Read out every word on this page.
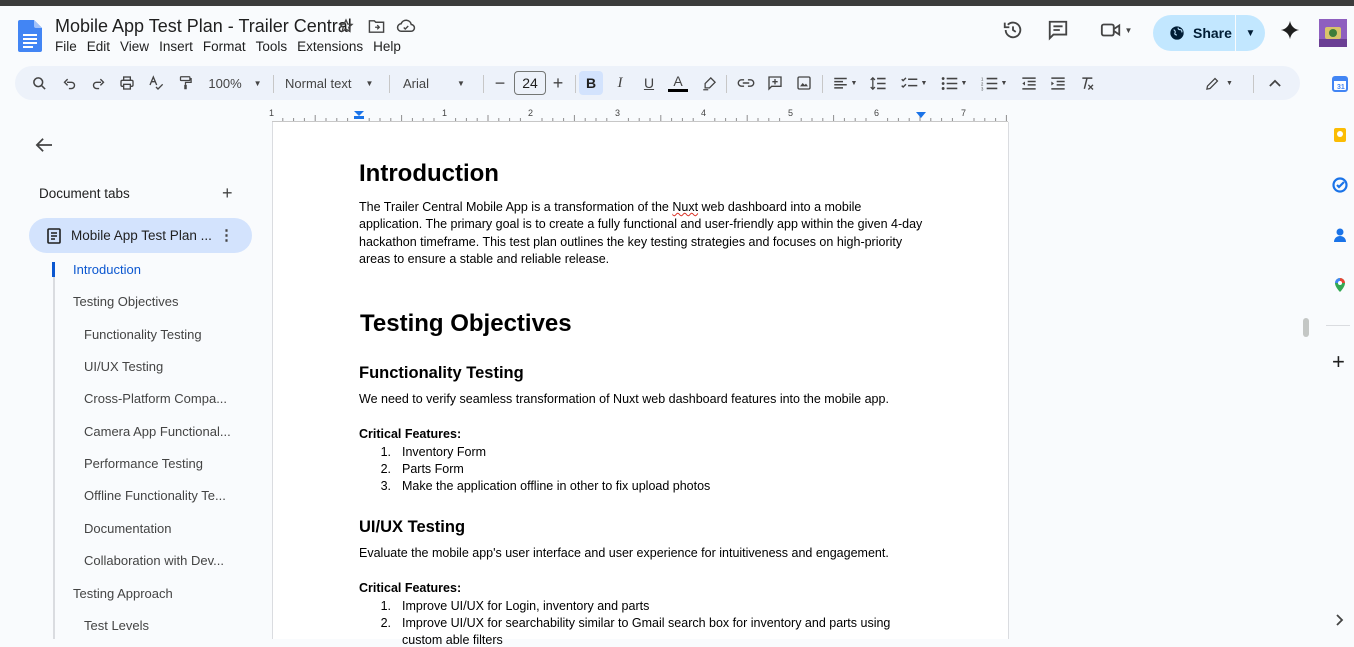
Mobile App Test Plan - Trailer Central
File Edit View Insert Format Tools Extensions Help
▼	Share	▼
100% ▼ Normal text ▼ Arial	▼ −	24 +	B	I	U	A	▼	▼	▼
1
2
3
▼	▼
31
+
Document tabs	+
Mobile App Test Plan ... ⋮
Introduction
Testing Objectives
Functionality Testing
UI/UX Testing
Cross-Platform Compa...
Camera App Functional...
Performance Testing
Offline Functionality Te...
Documentation
Collaboration with Dev...
Testing Approach
Test Levels
1	1	2	3	4	5	6	7
Introduction
The Trailer Central Mobile App is a transformation of the Nuxt web dashboard into a mobile application. The primary goal is to create a fully functional and user-friendly app within the given 4-day hackathon timeframe. This test plan outlines the key testing strategies and focuses on high-priority areas to ensure a stable and reliable release.
Testing Objectives
Functionality Testing
We need to verify seamless transformation of Nuxt web dashboard features into the mobile app.
Critical Features:
1. Inventory Form
2. Parts Form
3. Make the application offline in other to fix upload photos
UI/UX Testing
Evaluate the mobile app's user interface and user experience for intuitiveness and engagement.
Critical Features:
1. Improve UI/UX for Login, inventory and parts
2. Improve UI/UX for searchability similar to Gmail search box for inventory and parts using
custom able filters
